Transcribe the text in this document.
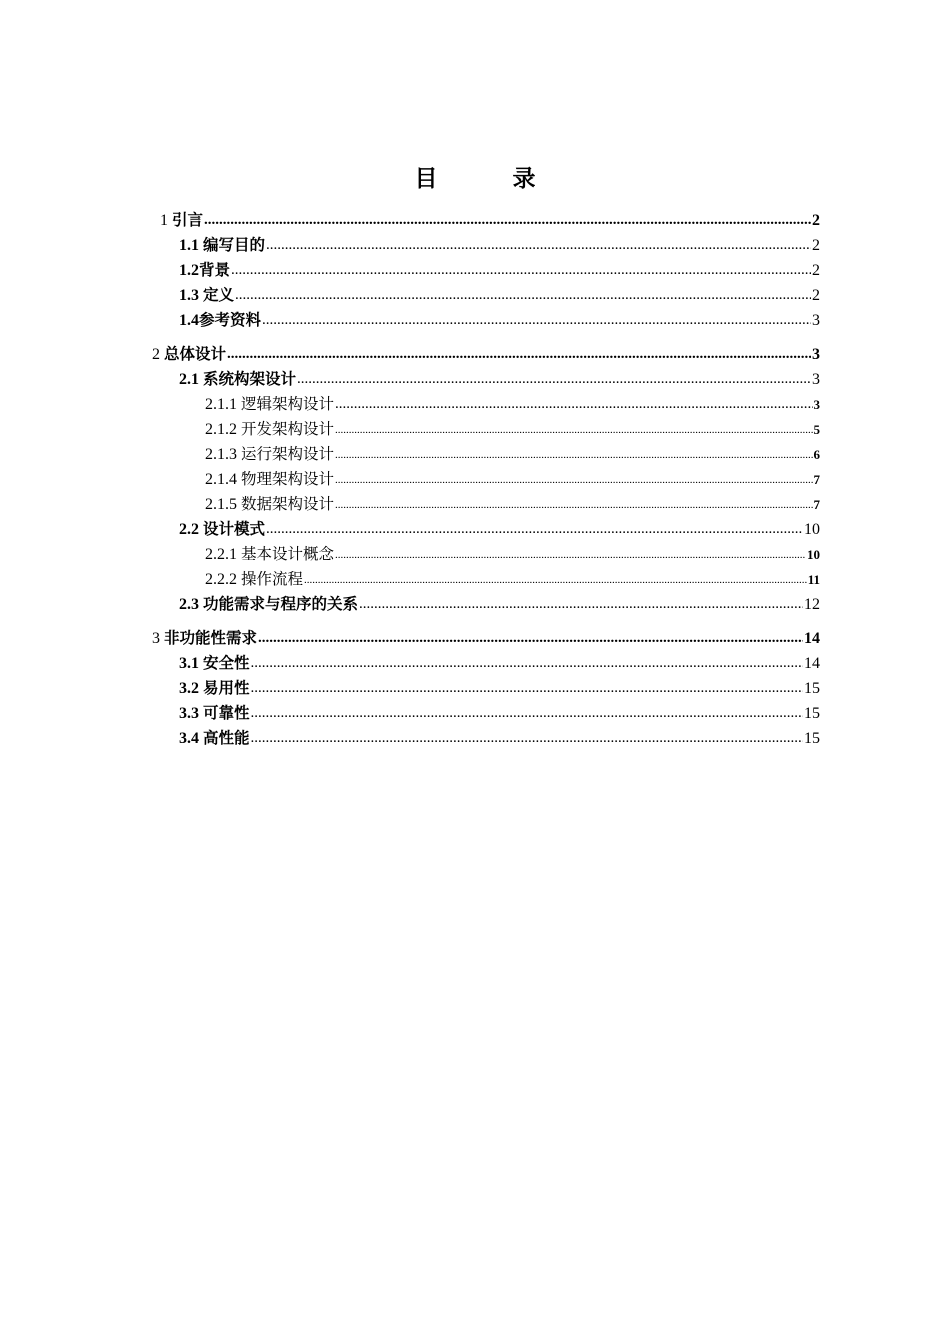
目　录
1 引言 .....	2
1.1 编写目的 .....	2
1.2 背景 .....	2
1.3 定义 .....	2
1.4 参考资料 .....	3
2 总体设计 .....	3
2.1 系统构架设计 .....	3
2.1.1 逻辑架构设计 .....	3
2.1.2 开发架构设计 .....	5
2.1.3 运行架构设计 .....	6
2.1.4 物理架构设计 .....	7
2.1.5 数据架构设计 .....	7
2.2 设计模式 .....	10
2.2.1 基本设计概念 .....	10
2.2.2 操作流程 .....	11
2.3 功能需求与程序的关系 .....	12
3 非功能性需求 .....	14
3.1 安全性 .....	14
3.2 易用性 .....	15
3.3 可靠性 .....	15
3.4 高性能 .....	15
